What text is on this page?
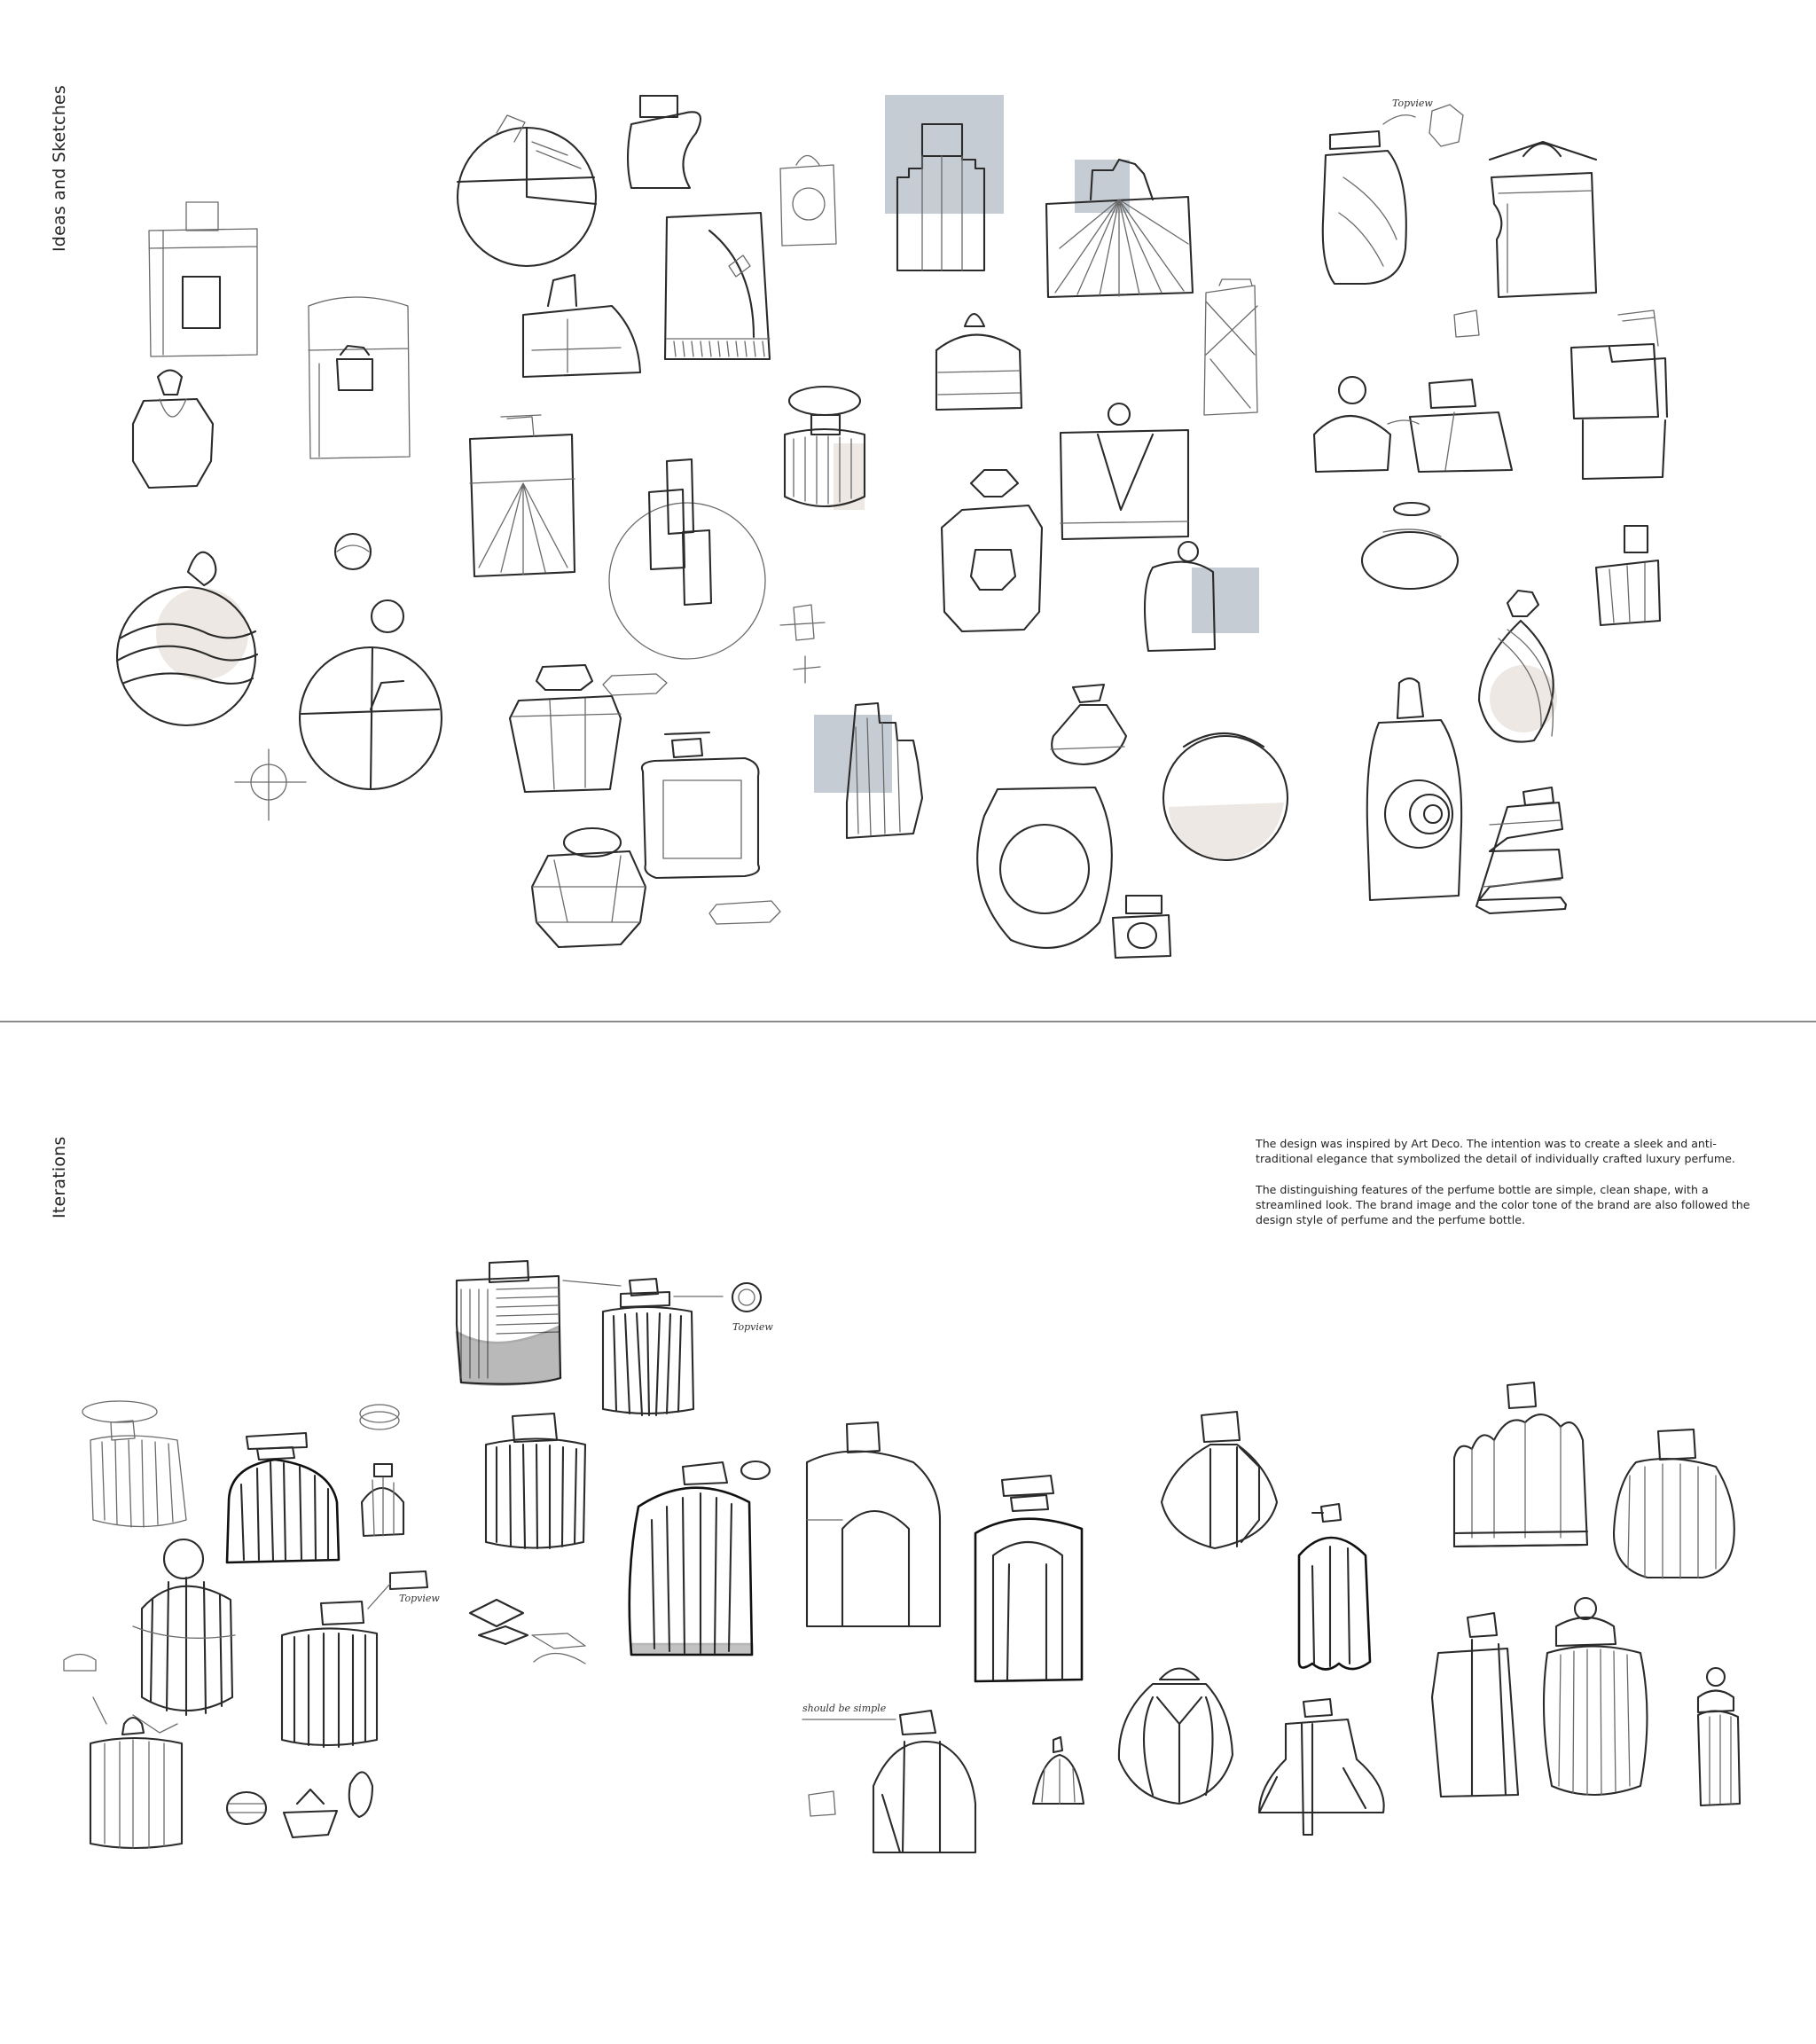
Ideas and Sketches	Topview
Iterations	The design was inspired by Art Deco. The intention was to create a sleek and anti-traditional elegance that symbolized the detail of individually crafted luxury perfume.

The distinguishing features of the perfume bottle are simple, clean shape, with a streamlined look. The brand image and the color tone of the brand are also followed the design style of perfume and the perfume bottle.

Topview
Topview
should be simple
